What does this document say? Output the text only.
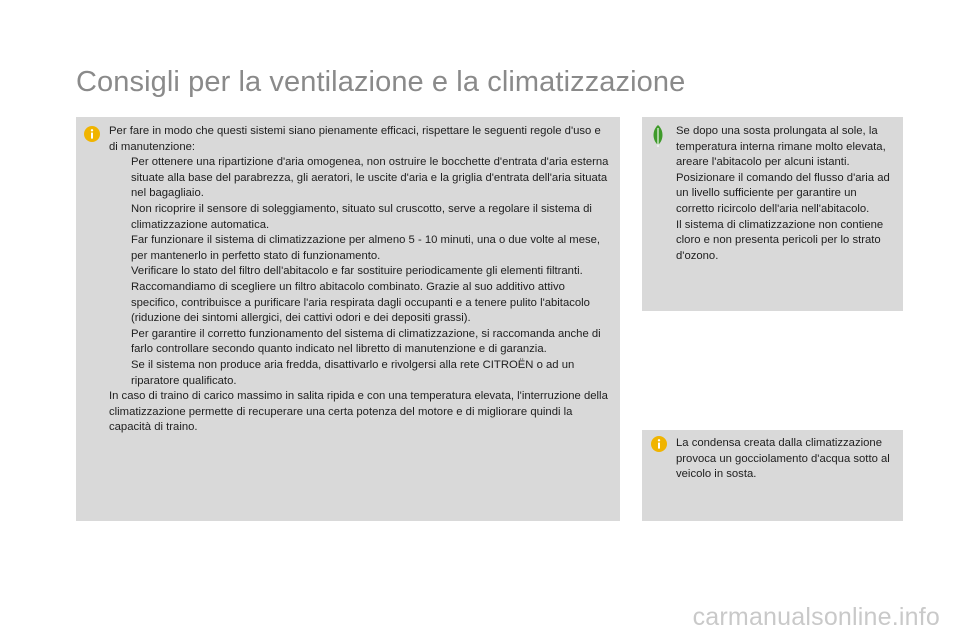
Consigli per la ventilazione e la climatizzazione

Per fare in modo che questi sistemi siano pienamente efficaci, rispettare le seguenti regole d'uso e di manutenzione:

Per ottenere una ripartizione d'aria omogenea, non ostruire le bocchette d'entrata d'aria esterna situate alla base del parabrezza, gli aeratori, le uscite d'aria e la griglia d'entrata dell'aria situata nel bagagliaio.
Non ricoprire il sensore di soleggiamento, situato sul cruscotto, serve a regolare il sistema di climatizzazione automatica.
Far funzionare il sistema di climatizzazione per almeno 5 - 10 minuti, una o due volte al mese, per mantenerlo in perfetto stato di funzionamento.
Verificare lo stato del filtro dell'abitacolo e far sostituire periodicamente gli elementi filtranti.
Raccomandiamo di scegliere un filtro abitacolo combinato. Grazie al suo additivo attivo specifico, contribuisce a purificare l'aria respirata dagli occupanti e a tenere pulito l'abitacolo (riduzione dei sintomi allergici, dei cattivi odori e dei depositi grassi).
Per garantire il corretto funzionamento del sistema di climatizzazione, si raccomanda anche di farlo controllare secondo quanto indicato nel libretto di manutenzione e di garanzia.
Se il sistema non produce aria fredda, disattivarlo e rivolgersi alla rete CITROËN o ad un riparatore qualificato.

In caso di traino di carico massimo in salita ripida e con una temperatura elevata, l'interruzione della climatizzazione permette di recuperare una certa potenza del motore e di migliorare quindi la capacità di traino.

Se dopo una sosta prolungata al sole, la temperatura interna rimane molto elevata, areare l'abitacolo per alcuni istanti.

Posizionare il comando del flusso d'aria ad un livello sufficiente per garantire un corretto ricircolo dell'aria nell'abitacolo.

Il sistema di climatizzazione non contiene cloro e non presenta pericoli per lo strato d'ozono.

La condensa creata dalla climatizzazione provoca un gocciolamento d'acqua sotto al veicolo in sosta.

carmanualsonline.info
